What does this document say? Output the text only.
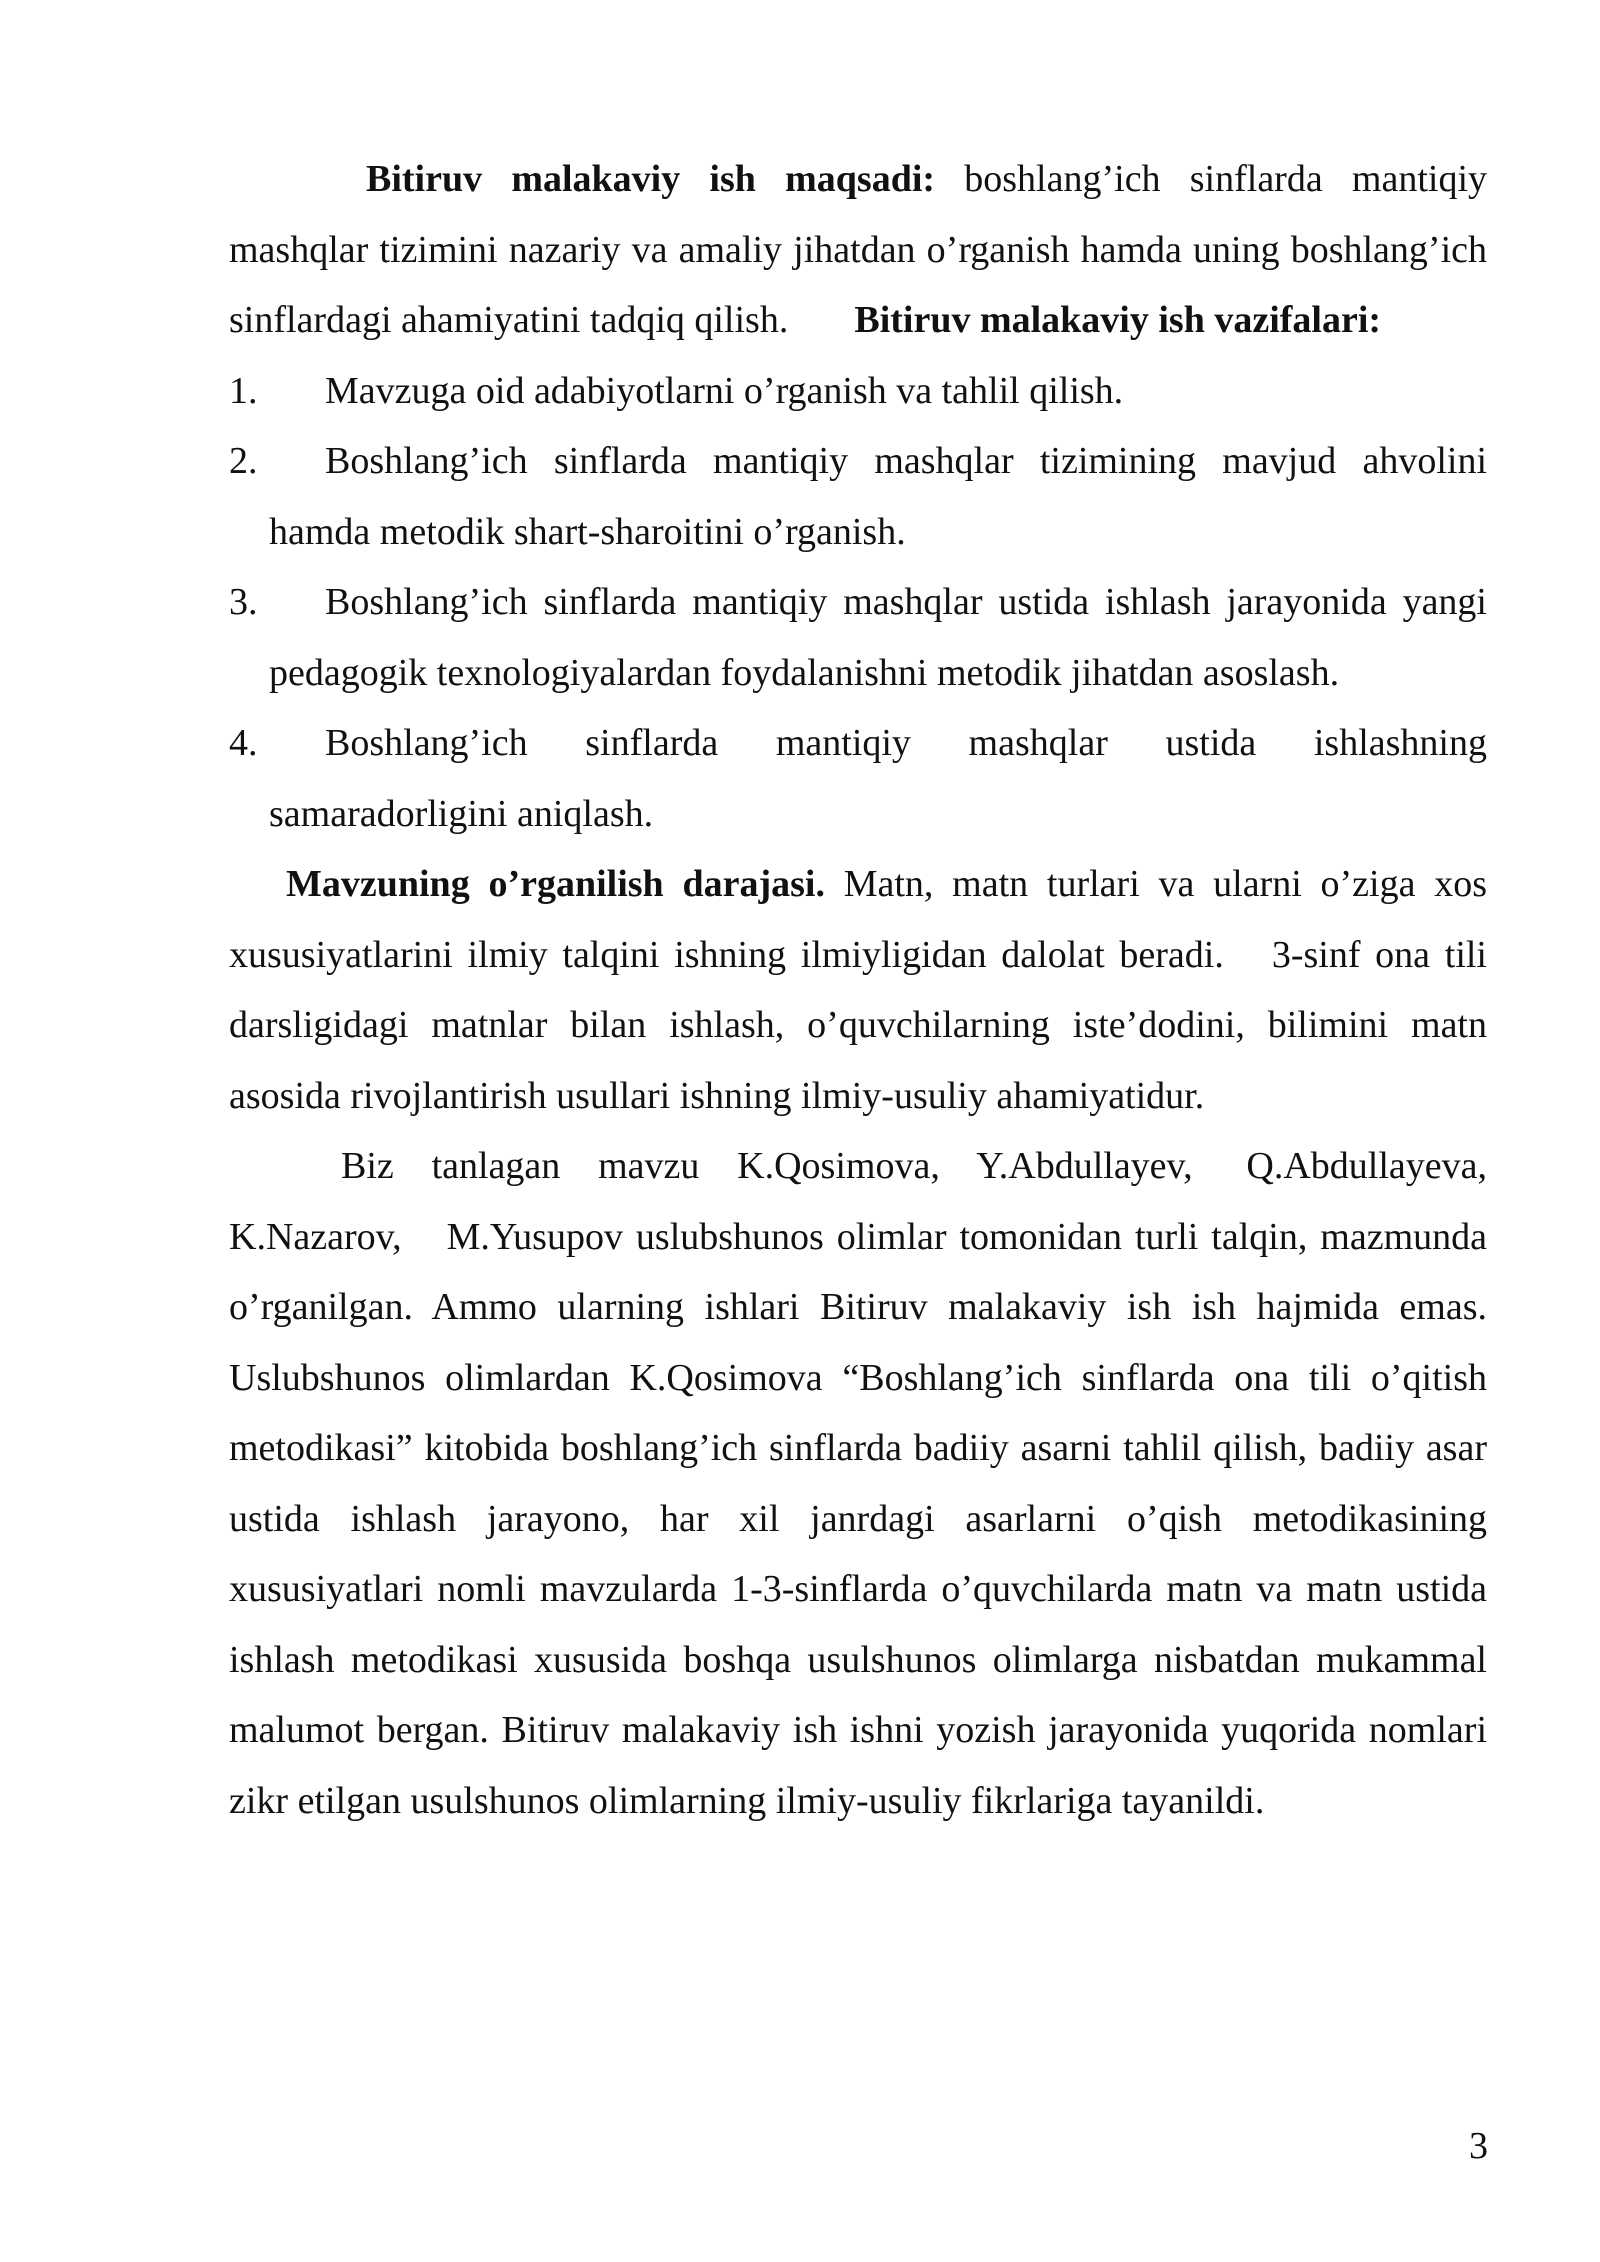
Bitiruv malakaviy ish maqsadi: boshlang’ich sinflarda mantiqiy mashqlar tizimini nazariy va amaliy jihatdan o’rganish hamda uning boshlang’ich sinflardagi ahamiyatini tadqiq qilish. Bitiruv malakaviy ish vazifalari:

1. Mavzuga oid adabiyotlarni o’rganish va tahlil qilish.
2. Boshlang’ich sinflarda mantiqiy mashqlar tizimining mavjud ahvolini hamda metodik shart-sharoitini o’rganish.
3. Boshlang’ich sinflarda mantiqiy mashqlar ustida ishlash jarayonida yangi pedagogik texnologiyalardan foydalanishni metodik jihatdan asoslash.
4. Boshlang’ich sinflarda mantiqiy mashqlar ustida ishlashning samaradorligini aniqlash.

Mavzuning o’rganilish darajasi. Matn, matn turlari va ularni o’ziga xos xususiyatlarini ilmiy talqini ishning ilmiyligidan dalolat beradi. 3-sinf ona tili darsligidagi matnlar bilan ishlash, o’quvchilarning iste’dodini, bilimini matn asosida rivojlantirish usullari ishning ilmiy-usuliy ahamiyatidur.

Biz tanlagan mavzu K.Qosimova, Y.Abdullayev, Q.Abdullayeva, K.Nazarov, M.Yusupov uslubshunos olimlar tomonidan turli talqin, mazmunda o’rganilgan. Ammo ularning ishlari Bitiruv malakaviy ish ish hajmida emas. Uslubshunos olimlardan K.Qosimova “Boshlang’ich sinflarda ona tili o’qitish metodikasi” kitobida boshlang’ich sinflarda badiiy asarni tahlil qilish, badiiy asar ustida ishlash jarayono, har xil janrdagi asarlarni o’qish metodikasining xususiyatlari nomli mavzularda 1-3-sinflarda o’quvchilarda matn va matn ustida ishlash metodikasi xususida boshqa usulshunos olimlarga nisbatdan mukammal malumot bergan. Bitiruv malakaviy ish ishni yozish jarayonida yuqorida nomlari zikr etilgan usulshunos olimlarning ilmiy-usuliy fikrlariga tayanildi.

3
